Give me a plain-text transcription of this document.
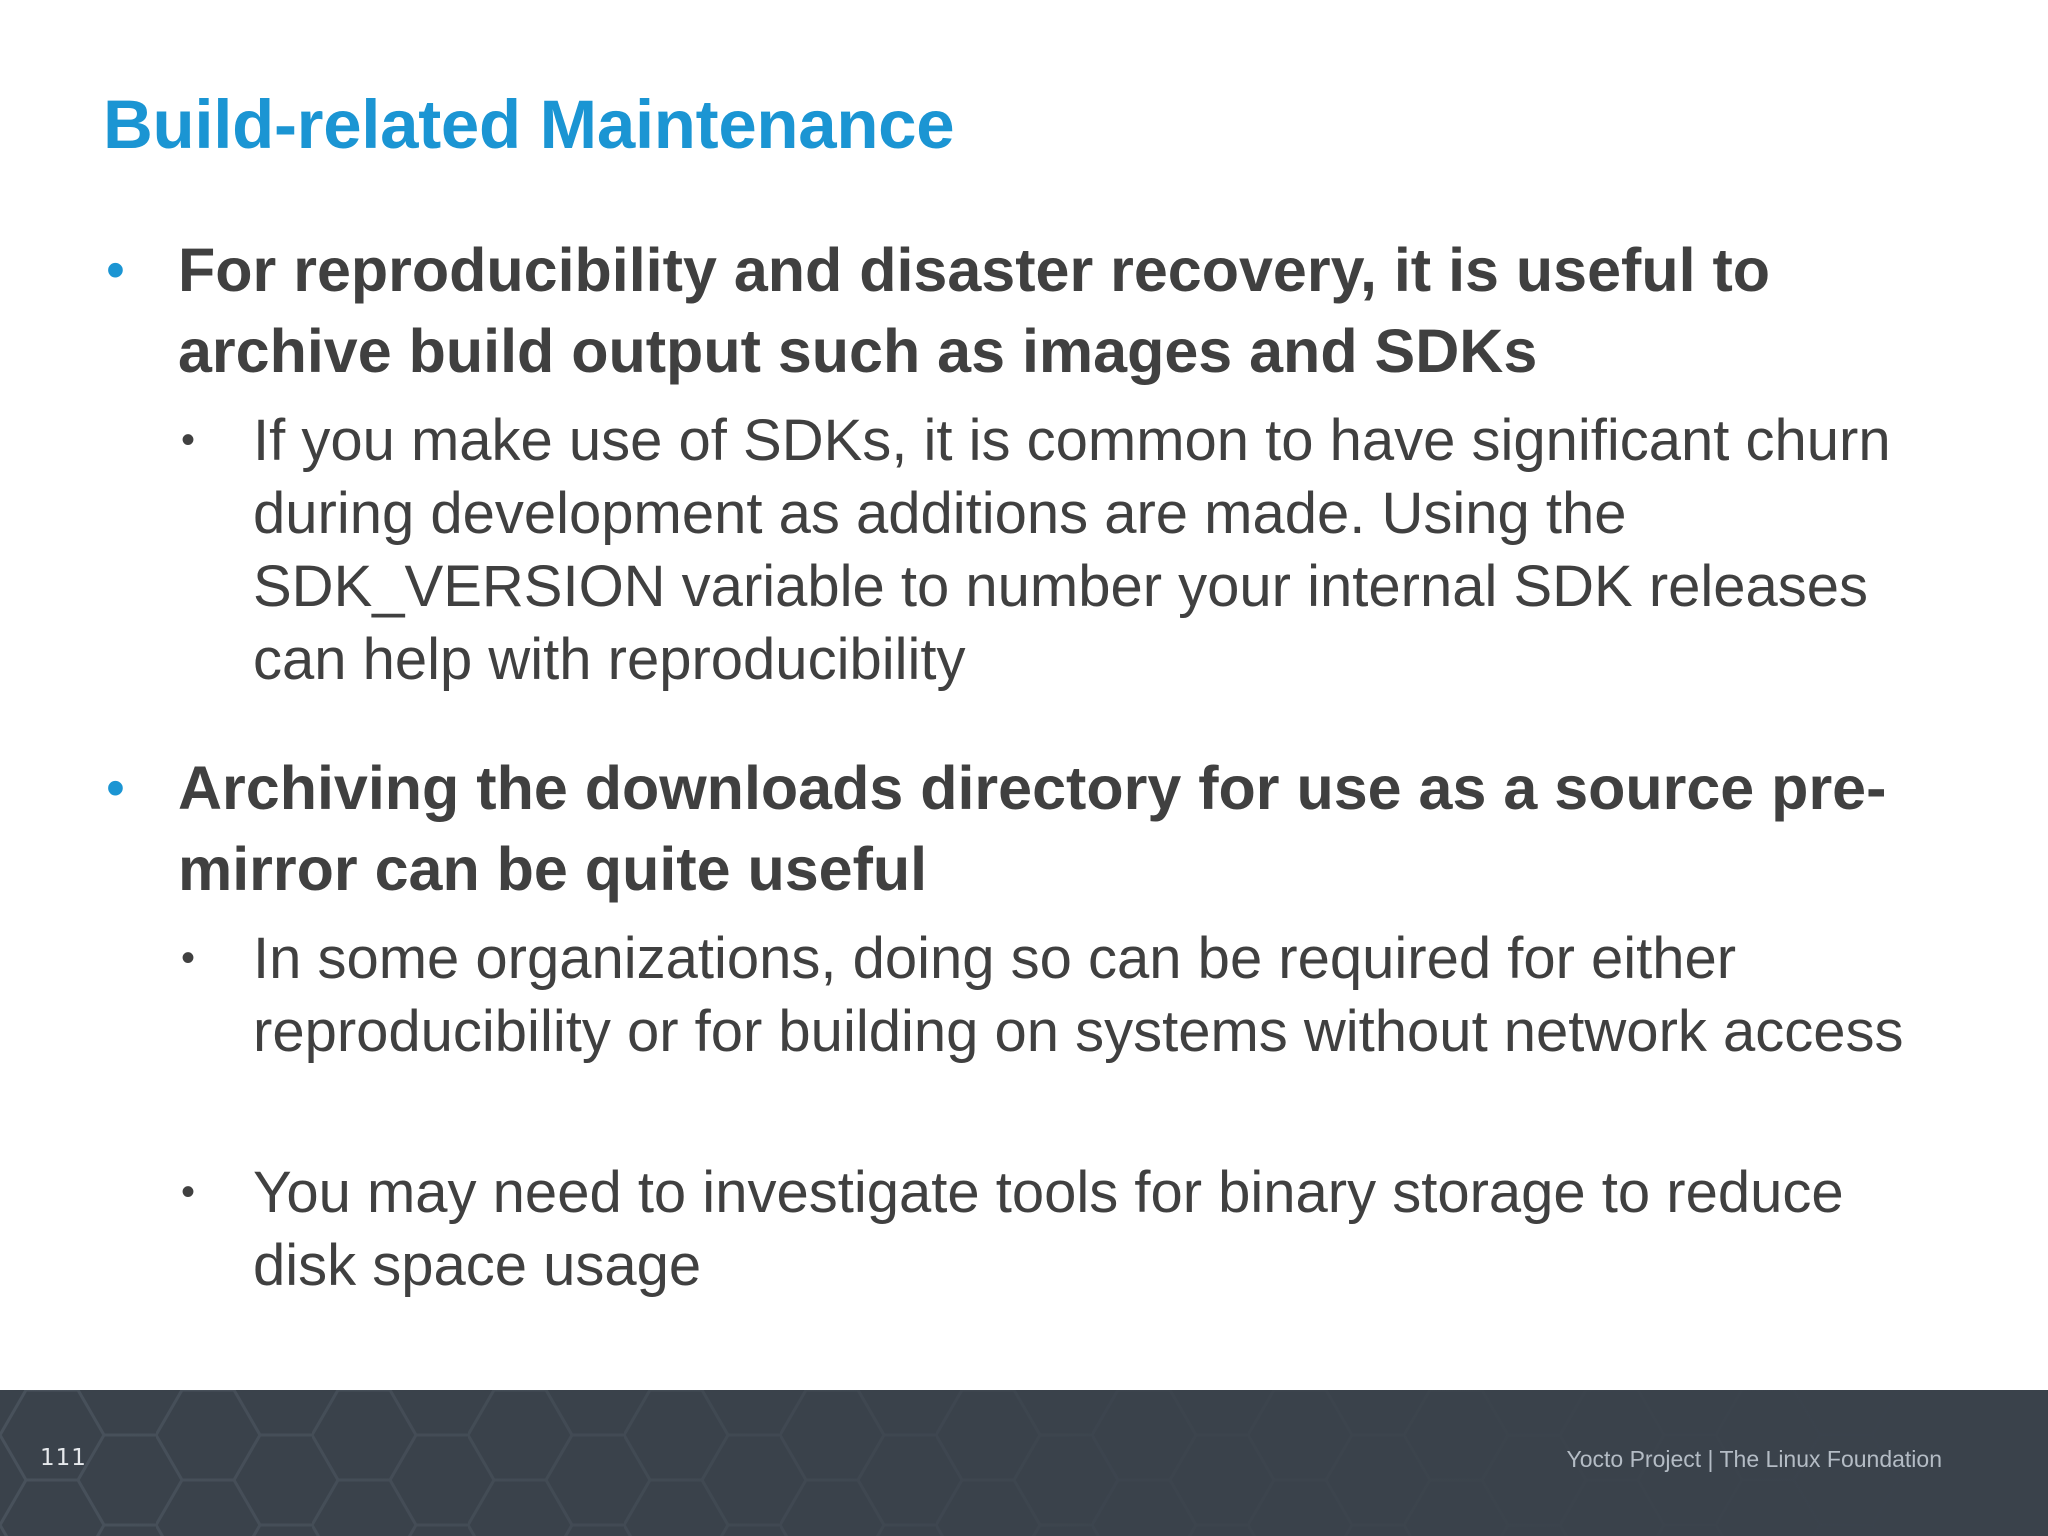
Build-related Maintenance
• For reproducibility and disaster recovery, it is useful to archive build output such as images and SDKs
• If you make use of SDKs, it is common to have significant churn during development as additions are made. Using the SDK_VERSION variable to number your internal SDK releases can help with reproducibility
• Archiving the downloads directory for use as a source pre-mirror can be quite useful
• In some organizations, doing so can be required for either reproducibility or for building on systems without network access
• You may need to investigate tools for binary storage to reduce disk space usage
111	Yocto Project | The Linux Foundation
